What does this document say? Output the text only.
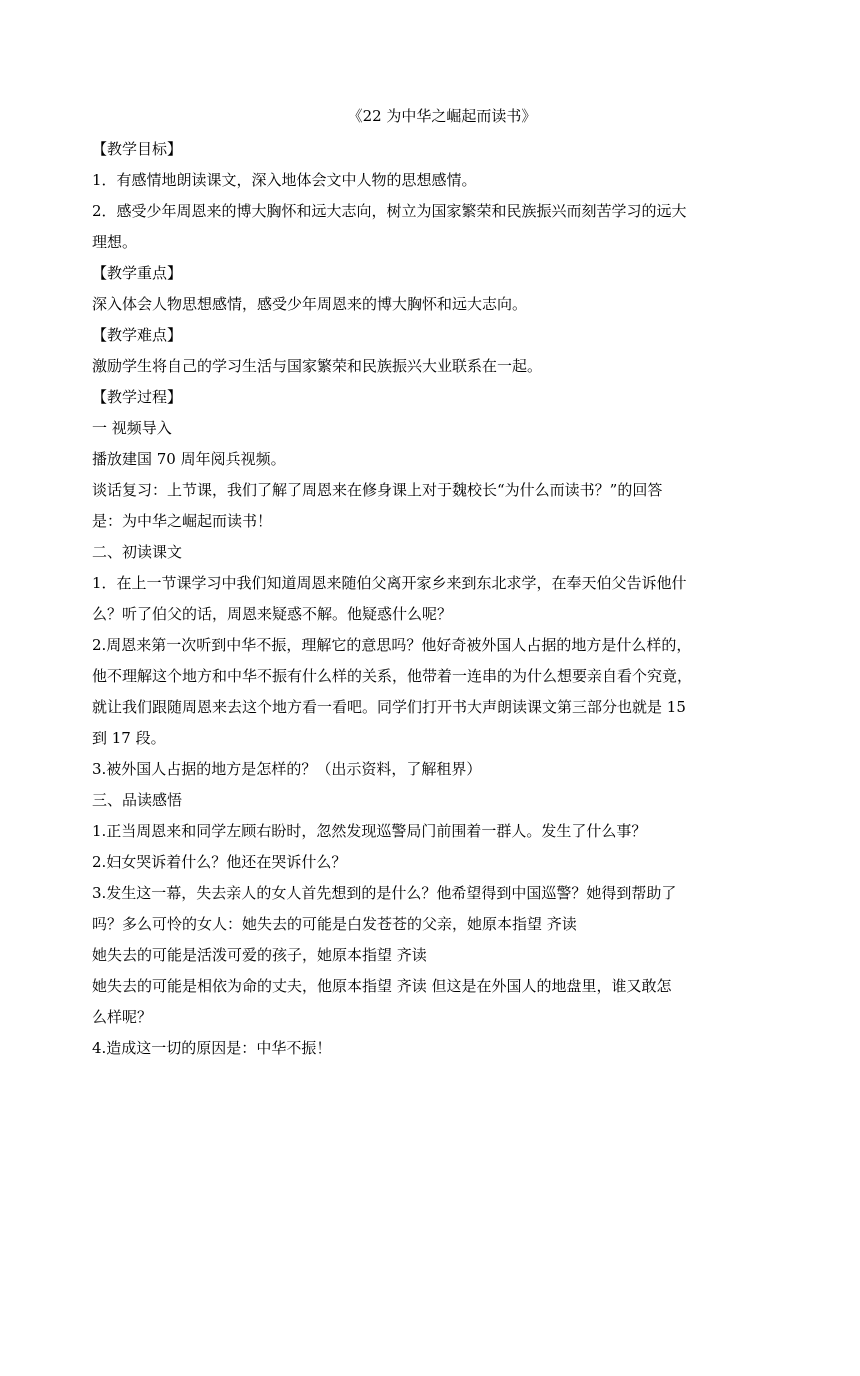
《22 为中华之崛起而读书》
【教学目标】
1．有感情地朗读课文，深入地体会文中人物的思想感情。
2．感受少年周恩来的博大胸怀和远大志向，树立为国家繁荣和民族振兴而刻苦学习的远大
理想。
【教学重点】
深入体会人物思想感情，感受少年周恩来的博大胸怀和远大志向。
【教学难点】
激励学生将自己的学习生活与国家繁荣和民族振兴大业联系在一起。
【教学过程】
一 视频导入
播放建国 70 周年阅兵视频。
谈话复习：上节课，我们了解了周恩来在修身课上对于魏校长“为什么而读书？”的回答
是：为中华之崛起而读书！
二、初读课文
1．在上一节课学习中我们知道周恩来随伯父离开家乡来到东北求学，在奉天伯父告诉他什
么？听了伯父的话，周恩来疑惑不解。他疑惑什么呢？
2.周恩来第一次听到中华不振，理解它的意思吗？他好奇被外国人占据的地方是什么样的，
他不理解这个地方和中华不振有什么样的关系，他带着一连串的为什么想要亲自看个究竟，
就让我们跟随周恩来去这个地方看一看吧。同学们打开书大声朗读课文第三部分也就是 15
到 17 段。
3.被外国人占据的地方是怎样的？（出示资料，了解租界）
三、品读感悟
1.正当周恩来和同学左顾右盼时，忽然发现巡警局门前围着一群人。发生了什么事？
2.妇女哭诉着什么？他还在哭诉什么？
3.发生这一幕，失去亲人的女人首先想到的是什么？他希望得到中国巡警？她得到帮助了
吗？多么可怜的女人：她失去的可能是白发苍苍的父亲，她原本指望 齐读
她失去的可能是活泼可爱的孩子，她原本指望 齐读
她失去的可能是相依为命的丈夫，他原本指望 齐读 但这是在外国人的地盘里，谁又敢怎
么样呢？
4.造成这一切的原因是：中华不振！
